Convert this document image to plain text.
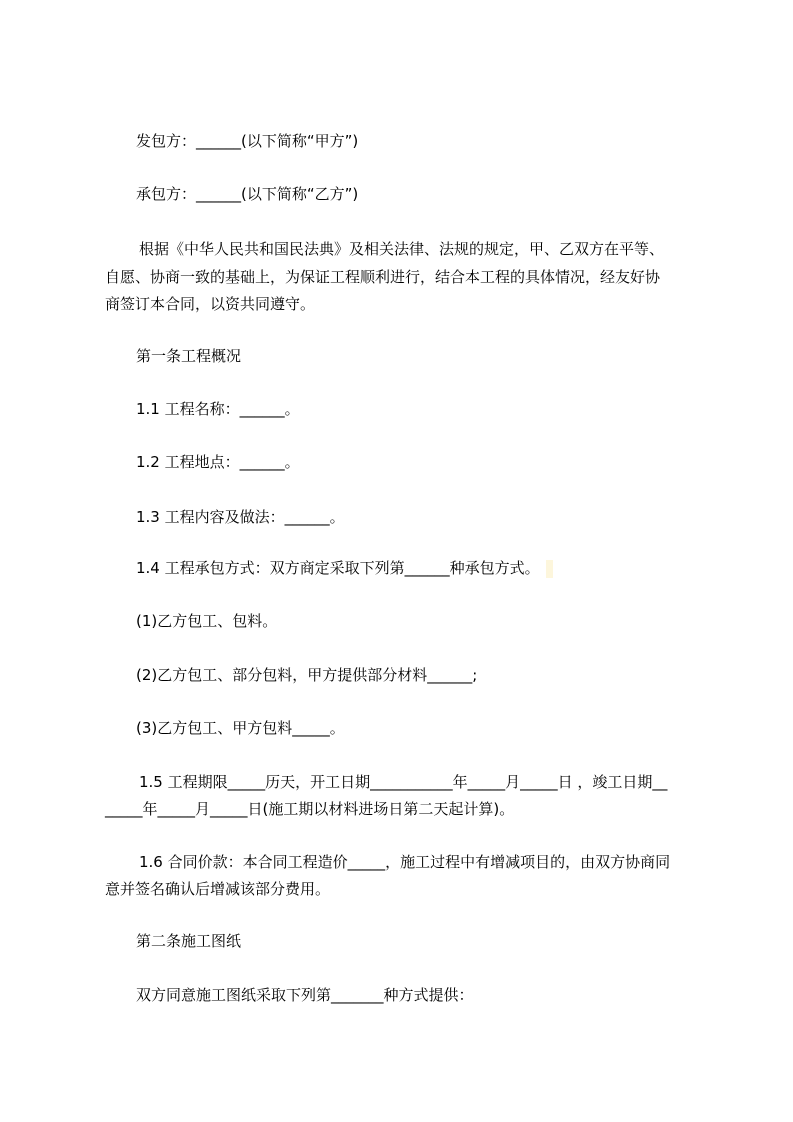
发包方：______(以下简称“甲方”)
承包方：______(以下简称“乙方”)
根据《中华人民共和国民法典》及相关法律、法规的规定，甲、乙双方在平等、
自愿、协商一致的基础上，为保证工程顺利进行，结合本工程的具体情况，经友好协
商签订本合同，以资共同遵守。
第一条工程概况
1.1 工程名称：______。
1.2 工程地点：______。
1.3 工程内容及做法：______。
1.4 工程承包方式：双方商定采取下列第______种承包方式。
(1)乙方包工、包料。
(2)乙方包工、部分包料，甲方提供部分材料______;
(3)乙方包工、甲方包料_____。
1.5 工程期限_____历天，开工日期___________年_____月_____日 ，竣工日期__
_____年_____月_____日(施工期以材料进场日第二天起计算)。
1.6 合同价款：本合同工程造价_____，施工过程中有增减项目的，由双方协商同
意并签名确认后增减该部分费用。
第二条施工图纸
双方同意施工图纸采取下列第_______种方式提供：
